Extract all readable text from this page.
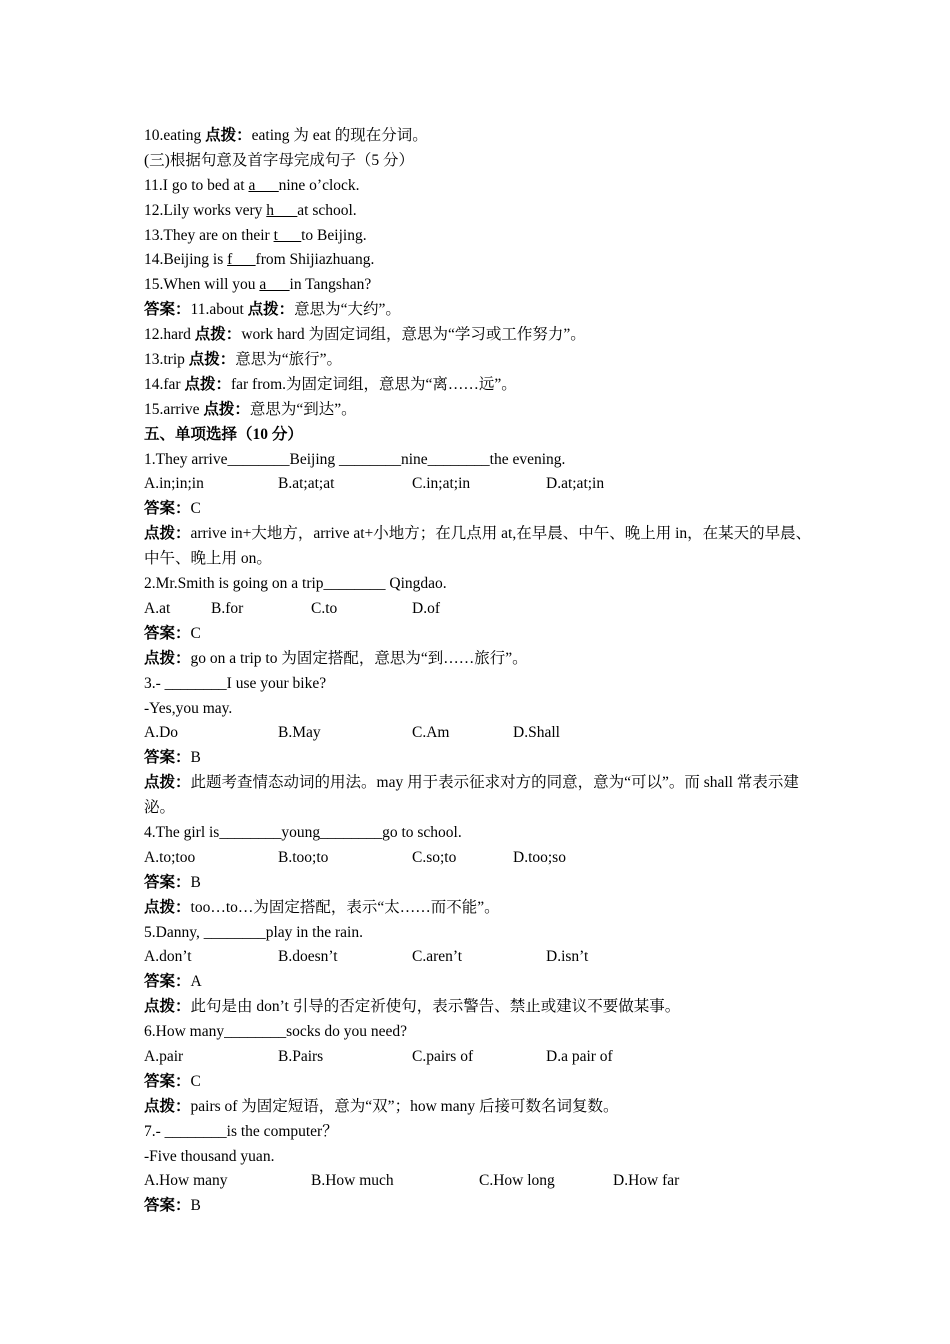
10.eating 点拨：eating 为 eat 的现在分词。
(三)根据句意及首字母完成句子（5 分）
11.I go to bed at a___nine o’clock.
12.Lily works very h___at school.
13.They are on their t___to Beijing.
14.Beijing is f___from Shijiazhuang.
15.When will you a___in Tangshan?
答案：11.about 点拨：意思为“大约”。
12.hard 点拨：work hard 为固定词组，意思为“学习或工作努力”。
13.trip 点拨：意思为“旅行”。
14.far 点拨：far from.为固定词组，意思为“离……远”。
15.arrive 点拨：意思为“到达”。
五、单项选择（10 分）
1.They arrive________Beijing ________nine________the evening.
A.in;in;in	B.at;at;at	C.in;at;in	D.at;at;in
答案：C
点拨：arrive in+大地方，arrive at+小地方；在几点用 at,在早晨、中午、晚上用 in，在某天的早晨、中午、晚上用 on。
2.Mr.Smith is going on a trip________ Qingdao.
A.at	B.for	C.to	D.of
答案：C
点拨：go on a trip to 为固定搭配，意思为“到……旅行”。
3.- ________I use your bike?
-Yes,you may.
A.Do	B.May	C.Am	D.Shall
答案：B
点拨：此题考查情态动词的用法。may 用于表示征求对方的同意，意为“可以”。而 shall 常表示建泌。
4.The girl is________young________go to school.
A.to;too	B.too;to	C.so;to	D.too;so
答案：B
点拨：too…to…为固定搭配，表示“太……而不能”。
5.Danny, ________play in the rain.
A.don’t	B.doesn’t	C.aren’t	D.isn’t
答案：A
点拨：此句是由 don’t 引导的否定祈使句，表示警告、禁止或建议不要做某事。
6.How many________socks do you need?
A.pair	B.Pairs	C.pairs of	D.a pair of
答案：C
点拨：pairs of 为固定短语，意为“双”；how many 后接可数名词复数。
7.- ________is the computer？
-Five thousand yuan.
A.How many	B.How much	C.How long	D.How far
答案：B
